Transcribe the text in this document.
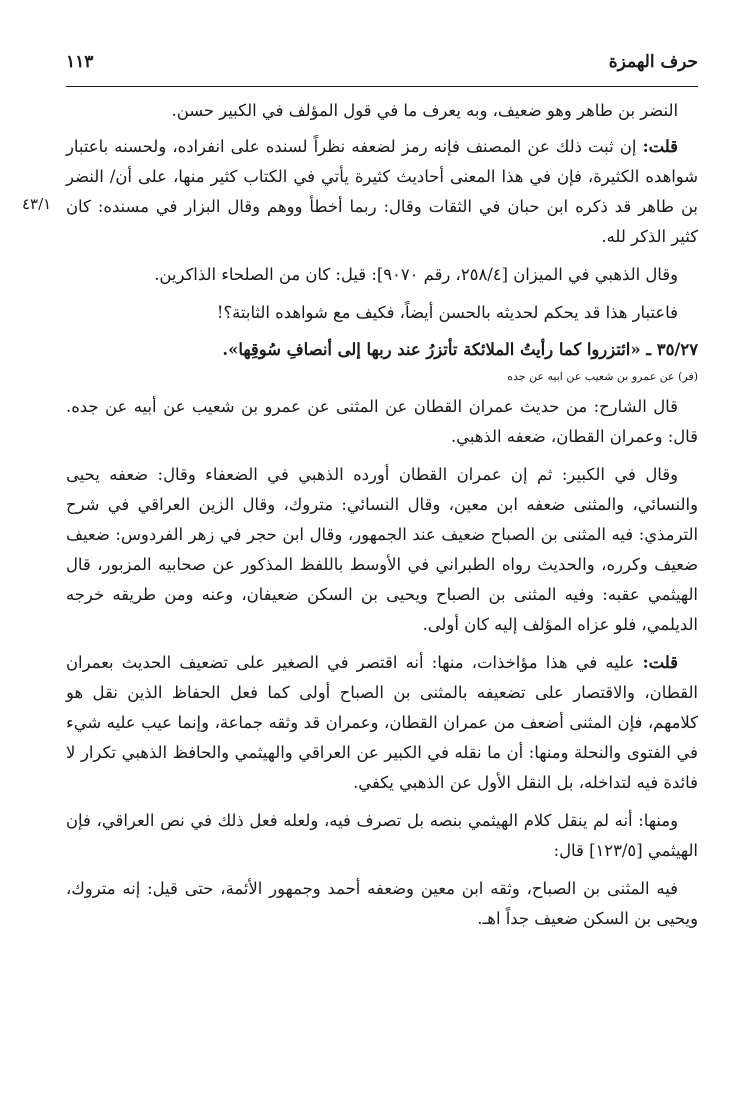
حرف الهمزة
١١٣
٤٣/١

النضر بن طاهر وهو ضعيف، وبه يعرف ما في قول المؤلف في الكبير حسن.

قلت: إن ثبت ذلك عن المصنف فإنه رمز لضعفه نظراً لسنده على انفراده، ولحسنه باعتبار شواهده الكثيرة، فإن في هذا المعنى أحاديث كثيرة يأتي في الكتاب كثير منها، على أن/ النضر بن طاهر قد ذكره ابن حبان في الثقات وقال: ربما أخطأ ووهم وقال البزار في مسنده: كان كثير الذكر لله.

وقال الذهبي في الميزان [٢٥٨/٤، رقم ٩٠٧٠]: قيل: كان من الصلحاء الذاكرين.

فاعتبار هذا قد يحكم لحديثه بالحسن أيضاً، فكيف مع شواهده الثابتة؟!

٣٥/٢٧ ـ «ائتزروا كما رأيتُ الملائكة تأتزرُ عند ربها إلى أنصافِ سُوقِها».

(فر) عن عمرو بن شعيب عن ابيه عن جده

قال الشارح: من حديث عمران القطان عن المثنى عن عمرو بن شعيب عن أبيه عن جده. قال: وعمران القطان، ضعفه الذهبي.

وقال في الكبير: ثم إن عمران القطان أورده الذهبي في الضعفاء وقال: ضعفه يحيى والنسائي، والمثنى ضعفه ابن معين، وقال النسائي: متروك، وقال الزين العراقي في شرح الترمذي: فيه المثنى بن الصباح ضعيف عند الجمهور، وقال ابن حجر في زهر الفردوس: ضعيف ضعيف وكرره، والحديث رواه الطبراني في الأوسط باللفظ المذكور عن صحابيه المزبور، قال الهيثمي عقبه: وفيه المثنى بن الصباح ويحيى بن السكن ضعيفان، وعنه ومن طريقه خرجه الديلمي، فلو عزاه المؤلف إليه كان أولى.

قلت: عليه في هذا مؤاخذات، منها: أنه اقتصر في الصغير على تضعيف الحديث بعمران القطان، والاقتصار على تضعيفه بالمثنى بن الصباح أولى كما فعل الحفاظ الذين نقل هو كلامهم، فإن المثنى أضعف من عمران القطان، وعمران قد وثقه جماعة، وإنما عيب عليه شيء في الفتوى والنحلة ومنها: أن ما نقله في الكبير عن العراقي والهيثمي والحافظ الذهبي تكرار لا فائدة فيه لتداخله، بل النقل الأول عن الذهبي يكفي.

ومنها: أنه لم ينقل كلام الهيثمي بنصه بل تصرف فيه، ولعله فعل ذلك في نص العراقي، فإن الهيثمي [١٢٣/٥] قال:

فيه المثنى بن الصباح، وثقه ابن معين وضعفه أحمد وجمهور الأئمة، حتى قيل: إنه متروك، ويحيى بن السكن ضعيف جداً اهـ.
